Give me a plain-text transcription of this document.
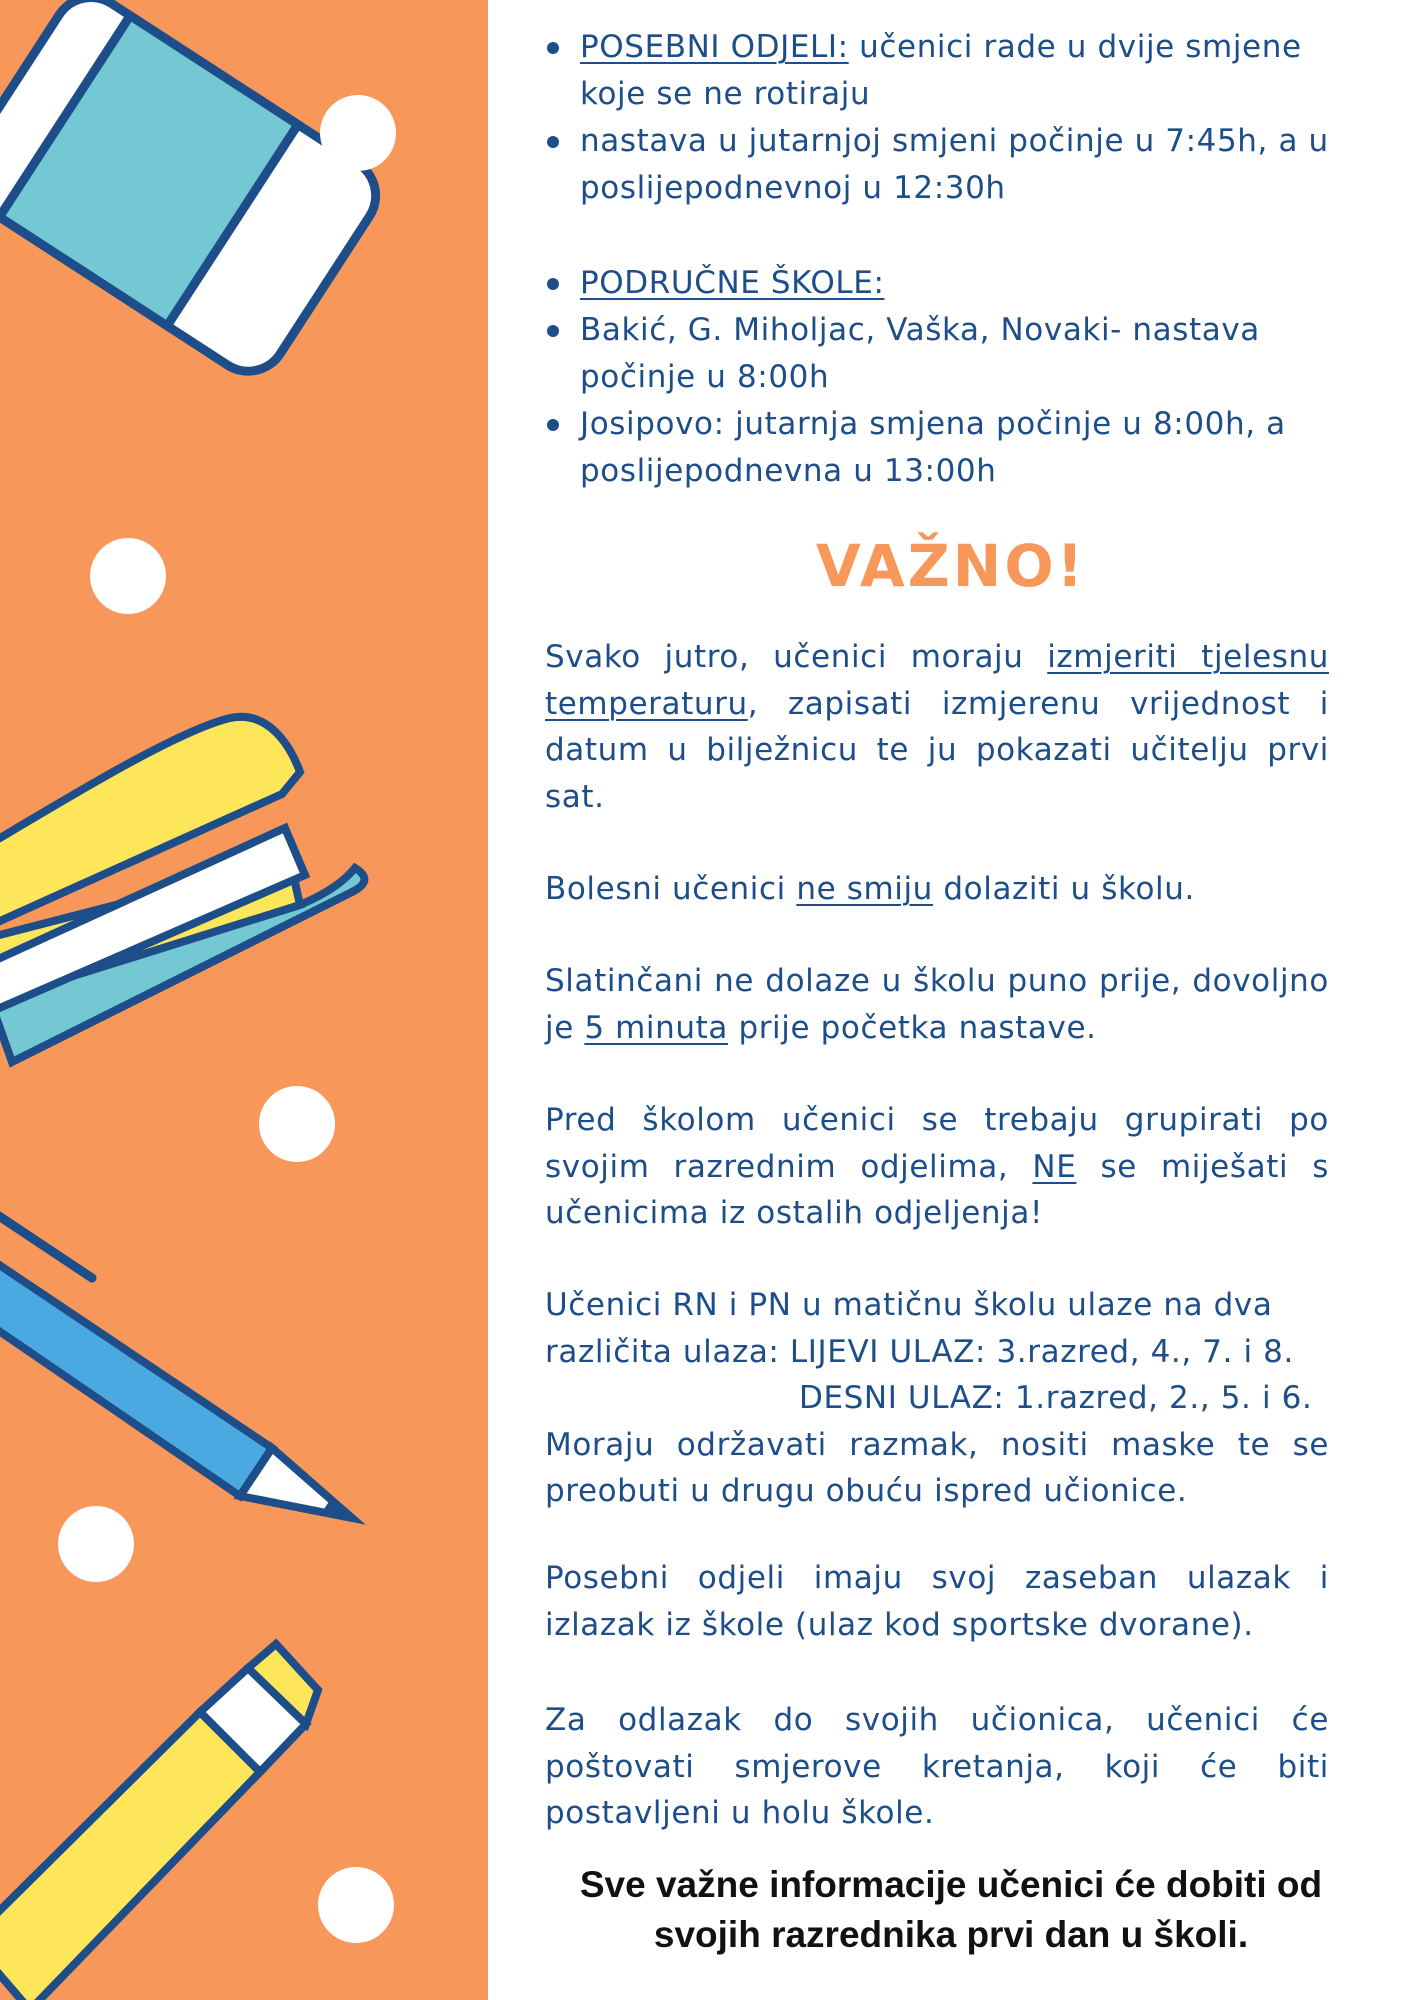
POSEBNI ODJELI: učenici rade u dvije smjene koje se ne rotiraju
nastava u jutarnjoj smjeni počinje u 7:45h, a u poslijepodnevnoj u 12:30h
PODRUČNE ŠKOLE:
Bakić, G. Miholjac, Vaška, Novaki- nastava počinje u 8:00h
Josipovo: jutarnja smjena počinje u 8:00h, a poslijepodnevna u 13:00h
VAŽNO!
Svako jutro, učenici moraju izmjeriti tjelesnu temperaturu, zapisati izmjerenu vrijednost i datum u bilježnicu te ju pokazati učitelju prvi sat.
Bolesni učenici ne smiju dolaziti u školu.
Slatinčani ne dolaze u školu puno prije, dovoljno je 5 minuta prije početka nastave.
Pred školom učenici se trebaju grupirati po svojim razrednim odjelima, NE se miješati s učenicima iz ostalih odjeljenja!
Učenici RN i PN u matičnu školu ulaze na dva
različita ulaza: LIJEVI ULAZ: 3.razred, 4., 7. i 8.
DESNI ULAZ: 1.razred, 2., 5. i 6.
Moraju održavati razmak, nositi maske te se preobuti u drugu obuću ispred učionice.
Posebni odjeli imaju svoj zaseban ulazak i izlazak iz škole (ulaz kod sportske dvorane).
Za odlazak do svojih učionica, učenici će poštovati smjerove kretanja, koji će biti postavljeni u holu škole.
Sve važne informacije učenici će dobiti od
svojih razrednika prvi dan u školi.
